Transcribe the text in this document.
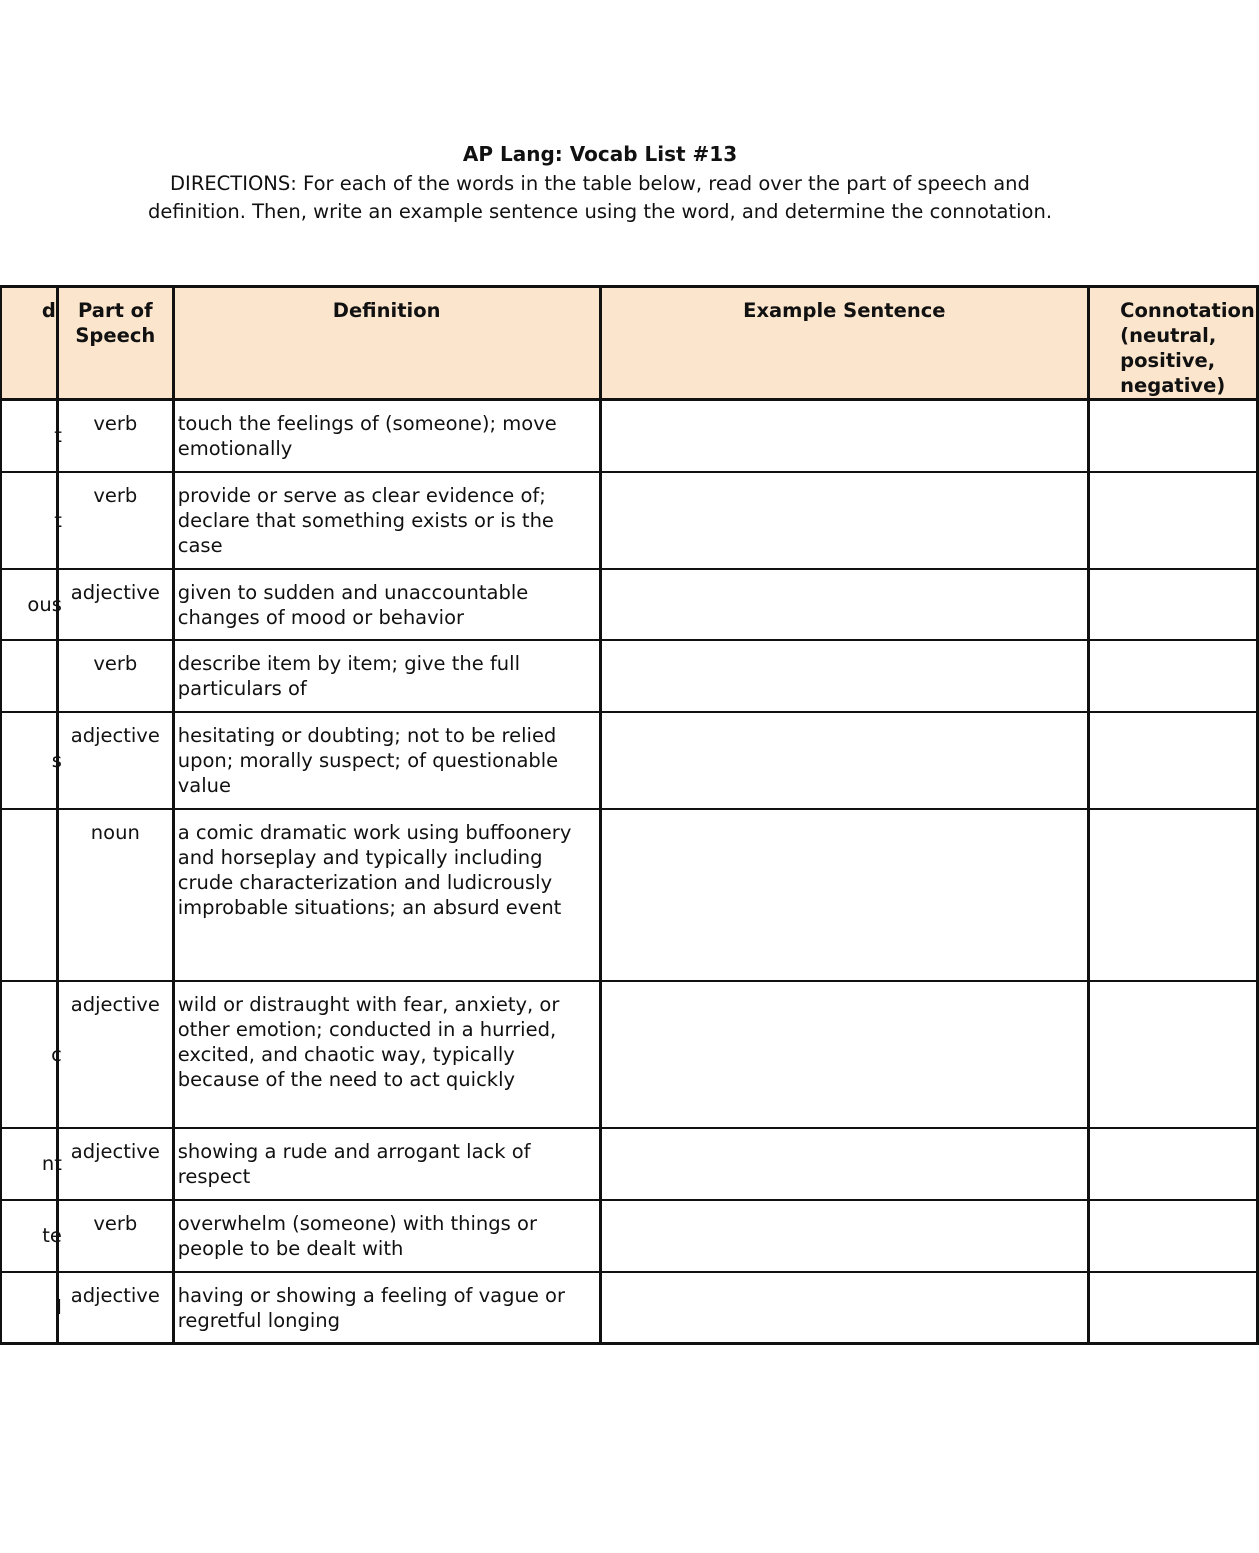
AP Lang: Vocab List #13
DIRECTIONS: For each of the words in the table below, read over the part of speech and definition. Then, write an example sentence using the word, and determine the connotation.
d	Part of Speech	Definition	Example Sentence	Connotation (neutral, positive, negative)

t	verb	touch the feelings of (someone); move emotionally		
t	verb	provide or serve as clear evidence of; declare that something exists or is the case		
ous	adjective	given to sudden and unaccountable changes of mood or behavior		
	verb	describe item by item; give the full particulars of		
s	adjective	hesitating or doubting; not to be relied upon; morally suspect; of questionable value		
	noun	a comic dramatic work using buffoonery and horseplay and typically including crude characterization and ludicrously improbable situations; an absurd event		
c	adjective	wild or distraught with fear, anxiety, or other emotion; conducted in a hurried, excited, and chaotic way, typically because of the need to act quickly		
nt	adjective	showing a rude and arrogant lack of respect		
te	verb	overwhelm (someone) with things or people to be dealt with		
l	adjective	having or showing a feeling of vague or regretful longing		
